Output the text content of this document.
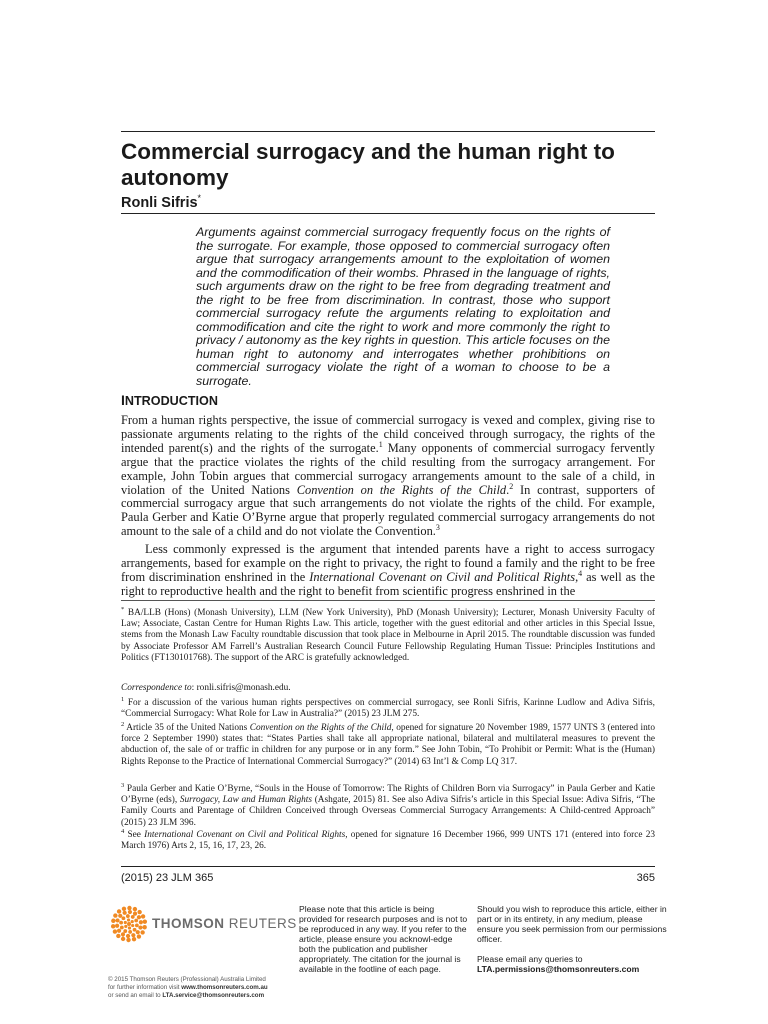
Commercial surrogacy and the human right to autonomy
Ronli Sifris*

Arguments against commercial surrogacy frequently focus on the rights of the surrogate. For example, those opposed to commercial surrogacy often argue that surrogacy arrangements amount to the exploitation of women and the commodification of their wombs. Phrased in the language of rights, such arguments draw on the right to be free from degrading treatment and the right to be free from discrimination. In contrast, those who support commercial surrogacy refute the arguments relating to exploitation and commodification and cite the right to work and more commonly the right to privacy / autonomy as the key rights in question. This article focuses on the human right to autonomy and interrogates whether prohibitions on commercial surrogacy violate the right of a woman to choose to be a surrogate.

INTRODUCTION

From a human rights perspective, the issue of commercial surrogacy is vexed and complex, giving rise to passionate arguments relating to the rights of the child conceived through surrogacy, the rights of the intended parent(s) and the rights of the surrogate.$^1$ Many opponents of commercial surrogacy fervently argue that the practice violates the rights of the child resulting from the surrogacy arrangement. For example, John Tobin argues that commercial surrogacy arrangements amount to the sale of a child, in violation of the United Nations Convention on the Rights of the Child.$^2$ In contrast, supporters of commercial surrogacy argue that such arrangements do not violate the rights of the child. For example, Paula Gerber and Katie O’Byrne argue that properly regulated commercial surrogacy arrangements do not amount to the sale of a child and do not violate the Convention.$^3$

Less commonly expressed is the argument that intended parents have a right to access surrogacy arrangements, based for example on the right to privacy, the right to found a family and the right to be free from discrimination enshrined in the International Covenant on Civil and Political Rights,$^4$ as well as the right to reproductive health and the right to benefit from scientific progress enshrined in the

* BA/LLB (Hons) (Monash University), LLM (New York University), PhD (Monash University); Lecturer, Monash University Faculty of Law; Associate, Castan Centre for Human Rights Law. This article, together with the guest editorial and other articles in this Special Issue, stems from the Monash Law Faculty roundtable discussion that took place in Melbourne in April 2015. The roundtable discussion was funded by Associate Professor AM Farrell’s Australian Research Council Future Fellowship Regulating Human Tissue: Principles Institutions and Politics (FT130101768). The support of the ARC is gratefully acknowledged.

Correspondence to: ronli.sifris@monash.edu.

$^1$ For a discussion of the various human rights perspectives on commercial surrogacy, see Ronli Sifris, Karinne Ludlow and Adiva Sifris, “Commercial Surrogacy: What Role for Law in Australia?” (2015) 23 JLM 275.

$^2$ Article 35 of the United Nations Convention on the Rights of the Child, opened for signature 20 November 1989, 1577 UNTS 3 (entered into force 2 September 1990) states that: “States Parties shall take all appropriate national, bilateral and multilateral measures to prevent the abduction of, the sale of or traffic in children for any purpose or in any form.” See John Tobin, “To Prohibit or Permit: What is the (Human) Rights Reponse to the Practice of International Commercial Surrogacy?” (2014) 63 Int’l & Comp LQ 317.

$^3$ Paula Gerber and Katie O’Byrne, “Souls in the House of Tomorrow: The Rights of Children Born via Surrogacy” in Paula Gerber and Katie O’Byrne (eds), Surrogacy, Law and Human Rights (Ashgate, 2015) 81. See also Adiva Sifris’s article in this Special Issue: Adiva Sifris, “The Family Courts and Parentage of Children Conceived through Overseas Commercial Surrogacy Arrangements: A Child-centred Approach” (2015) 23 JLM 396.

$^4$ See International Covenant on Civil and Political Rights, opened for signature 16 December 1966, 999 UNTS 171 (entered into force 23 March 1976) Arts 2, 15, 16, 17, 23, 26.

(2015) 23 JLM 365	365
THOMSON REUTERS
© 2015 Thomson Reuters (Professional) Australia Limited
for further information visit www.thomsonreuters.com.au
or send an email to LTA.service@thomsonreuters.com
Please note that this article is being provided for research purposes and is not to be reproduced in any way. If you refer to the article, please ensure you acknowl-edge both the publication and publisher appropriately. The citation for the journal is available in the footline of each page.
Should you wish to reproduce this article, either in part or in its entirety, in any medium, please ensure you seek permission from our permissions officer.
Please email any queries to
LTA.permissions@thomsonreuters.com
